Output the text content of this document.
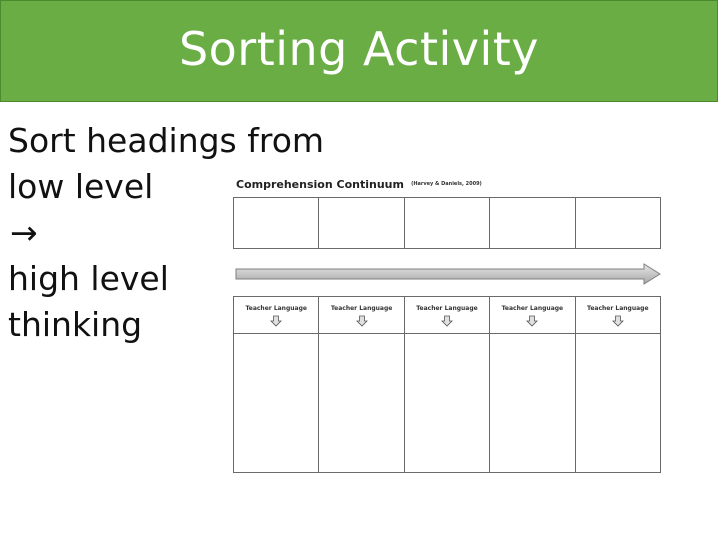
Sorting Activity
Sort headings from
low level
→
high level
thinking
Comprehension Continuum (Harvey & Daniels, 2009)

Teacher Language	Teacher Language	Teacher Language	Teacher Language	Teacher Language
